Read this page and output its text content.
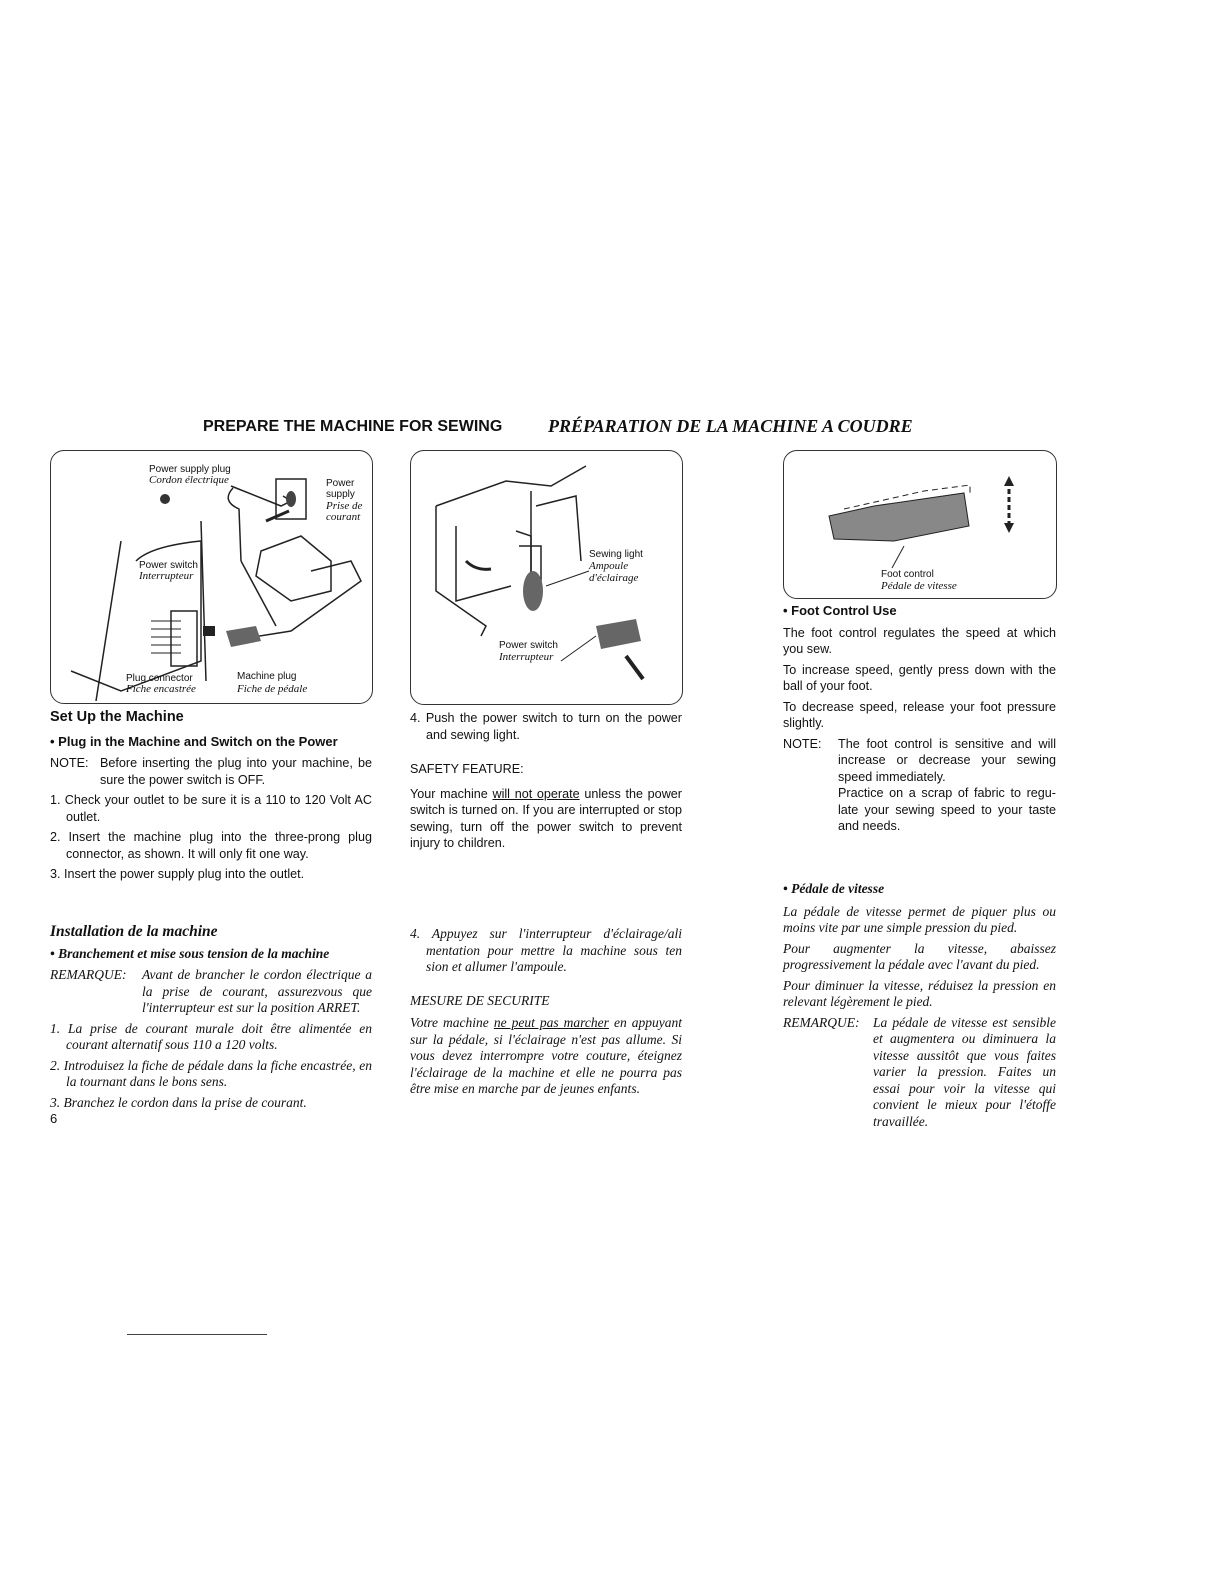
PREPARE THE MACHINE FOR SEWING	PRÉPARATION DE LA MACHINE A COUDRE
Power supply plug
Cordon électrique	Power supply
Prise de courant
Power switch
Interrupteur
Plug connector
Fiche encastrée
Machine plug
Fiche de pédale
Sewing light
Ampoule
d'éclairage
Power switch
Interrupteur
Foot control
Pédale de vitesse

Set Up the Machine

• Plug in the Machine and Switch on the Power

NOTE: Before inserting the plug into your machine, be sure the power switch is OFF.

1. Check your outlet to be sure it is a 110 to 120 Volt AC outlet.

2. Insert the machine plug into the three-prong plug connector, as shown. It will only fit one way.

3. Insert the power supply plug into the outlet.

Installation de la machine

• Branchement et mise sous tension de la machine

REMARQUE:	Avant de brancher le cordon électrique a la prise de courant, assurezvous que l'interrupteur est sur la position ARRET.

1. La prise de courant murale doit être alimentée en courant alternatif sous 110 a 120 volts.

2. Introduisez la fiche de pédale dans la fiche encastrée, en la tournant dans le bons sens.

3. Branchez le cordon dans la prise de courant.

6

4. Push the power switch to turn on the power and sewing light.

SAFETY FEATURE:

Your machine will not operate unless the power switch is turned on. If you are interrupted or stop sewing, turn off the power switch to prevent injury to children.

4. Appuyez sur l'interrupteur d'éclairage/ali mentation pour mettre la machine sous ten sion et allumer l'ampoule.

MESURE DE SECURITE

Votre machine ne peut pas marcher en appuyant sur la pédale, si l'éclairage n'est pas allume. Si vous devez interrompre votre couture, éteignez l'éclairage de la machine et elle ne pourra pas être mise en marche par de jeunes enfants.

• Foot Control Use

The foot control regulates the speed at which you sew.

To increase speed, gently press down with the ball of your foot.

To decrease speed, release your foot pressure slightly.

NOTE:	The foot control is sensitive and will increase or decrease your sewing speed immediately.
Practice on a scrap of fabric to regu- late your sewing speed to your taste and needs.

• Pédale de vitesse

La pédale de vitesse permet de piquer plus ou moins vite par une simple pression du pied.

Pour augmenter la vitesse, abaissez progressivement la pédale avec l'avant du pied.

Pour diminuer la vitesse, réduisez la pression en relevant légèrement le pied.

REMARQUE:	La pédale de vitesse est sensible et augmentera ou diminuera la vitesse aussitôt que vous faites varier la pression. Faites un essai pour voir la vitesse qui convient le mieux pour l'étoffe travaillée.
